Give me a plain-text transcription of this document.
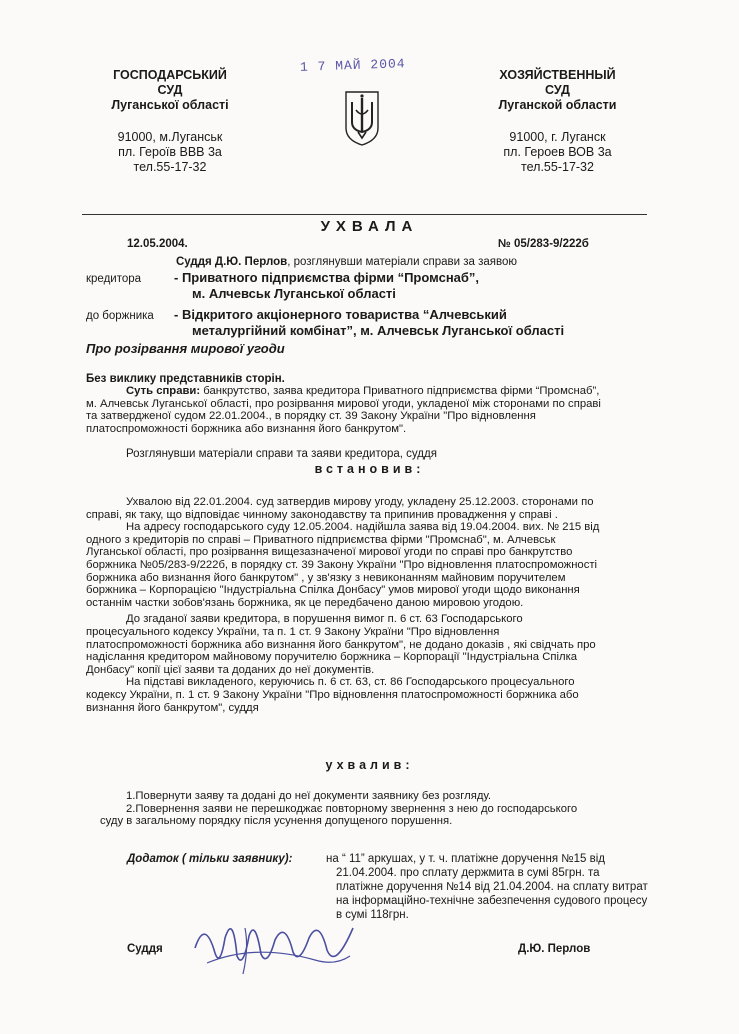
ГОСПОДАРСЬКИЙ
СУД
Луганської області
91000, м.Луганськ
пл. Героїв ВВВ 3а
тел.55-17-32
1 7 МАЙ 2004
ХОЗЯЙСТВЕННЫЙ
СУД
Луганской области
91000, г. Луганск
пл. Героев ВОВ 3а
тел.55-17-32
УХВАЛА
12.05.2004.	№ 05/283-9/222б
Суддя Д.Ю. Перлов, розглянувши матеріали справи за заявою
кредитора	- Приватного підприємства фірми “Промснаб”,
м. Алчевськ Луганської області
до боржника - Відкритого акціонерного товариства “Алчевський
металургійний комбінат”, м. Алчевськ Луганської області
Про розірвання мирової угоди
Без виклику представників сторін.
Суть справи: банкрутство, заява кредитора Приватного підприємства фірми “Промснаб”,
м. Алчевськ Луганської області, про розірвання мирової угоди, укладеної між сторонами по справі
та затвердженої судом 22.01.2004., в порядку ст. 39 Закону України "Про відновлення
платоспроможності боржника або визнання його банкрутом".
Розглянувши матеріали справи та заяви кредитора, суддя
встановив:
Ухвалою від 22.01.2004. суд затвердив мирову угоду, укладену 25.12.2003. сторонами по
справі, як таку, що відповідає чинному законодавству та припинив провадження у справі .
На адресу господарського суду 12.05.2004. надійшла заява від 19.04.2004. вих. № 215 від
одного з кредиторів по справі – Приватного підприємства фірми "Промснаб", м. Алчевськ
Луганської області, про розірвання вищезазначеної мирової угоди по справі про банкрутство
боржника №05/283-9/222б, в порядку ст. 39 Закону України "Про відновлення платоспроможності
боржника або визнання його банкрутом" , у зв'язку з невиконанням майновим поручителем
боржника – Корпорацією "Індустріальна Спілка Донбасу" умов мирової угоди щодо виконання
останнім частки зобов'язань боржника, як це передбачено даною мировою угодою.
До згаданої заяви кредитора, в порушення вимог п. 6 ст. 63 Господарського
процесуального кодексу України, та п. 1 ст. 9 Закону України "Про відновлення
платоспроможності боржника або визнання його банкрутом", не додано доказів , які свідчать про
надіслання кредитором майновому поручителю боржника – Корпорації "Індустріальна Спілка
Донбасу" копії цієї заяви та доданих до неї документів.
На підставі викладеного, керуючись п. 6 ст. 63, ст. 86 Господарського процесуального
кодексу України, п. 1 ст. 9 Закону України "Про відновлення платоспроможності боржника або
визнання його банкрутом", суддя
ухвалив:
1.Повернути заяву та додані до неї документи заявнику без розгляду.
2.Повернення заяви не перешкоджає повторному звернення з нею до господарського
суду в загальному порядку після усунення допущеного порушення.
Додаток ( тільки заявнику):	на “ 11” аркушах, у т. ч. платіжне доручення №15 від
21.04.2004. про сплату держмита в сумі 85грн. та
платіжне доручення №14 від 21.04.2004. на сплату витрат
на інформаційно-технічне забезпечення судового процесу
в сумі 118грн.
Суддя	Д.Ю. Перлов
